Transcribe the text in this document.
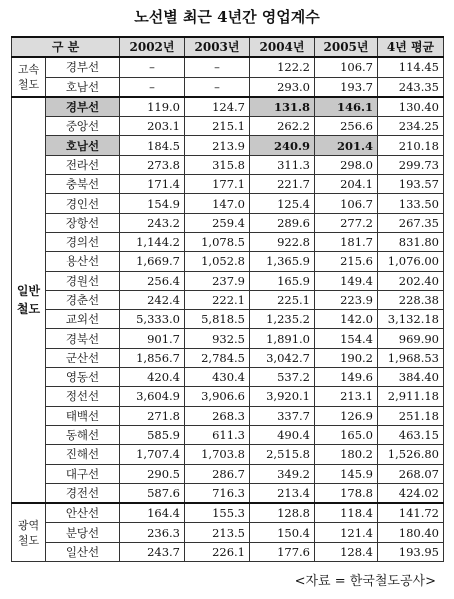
노선별 최근 4년간 영업계수
구 분		2002년	2003년	2004년	2005년	4년 평균
고속
철도	경부선	–	–	122.2	106.7	114.45
	호남선	–	–	293.0	193.7	243.35
일반
철도	경부선	119.0	124.7	131.8	146.1	130.40
	중앙선	203.1	215.1	262.2	256.6	234.25
	호남선	184.5	213.9	240.9	201.4	210.18
	전라선	273.8	315.8	311.3	298.0	299.73
	충북선	171.4	177.1	221.7	204.1	193.57
	경인선	154.9	147.0	125.4	106.7	133.50
	장항선	243.2	259.4	289.6	277.2	267.35
	경의선	1,144.2	1,078.5	922.8	181.7	831.80
	용산선	1,669.7	1,052.8	1,365.9	215.6	1,076.00
	경원선	256.4	237.9	165.9	149.4	202.40
	경춘선	242.4	222.1	225.1	223.9	228.38
	교외선	5,333.0	5,818.5	1,235.2	142.0	3,132.18
	경북선	901.7	932.5	1,891.0	154.4	969.90
	군산선	1,856.7	2,784.5	3,042.7	190.2	1,968.53
	영동선	420.4	430.4	537.2	149.6	384.40
	정선선	3,604.9	3,906.6	3,920.1	213.1	2,911.18
	태백선	271.8	268.3	337.7	126.9	251.18
	동해선	585.9	611.3	490.4	165.0	463.15
	진해선	1,707.4	1,703.8	2,515.8	180.2	1,526.80
	대구선	290.5	286.7	349.2	145.9	268.07
	경전선	587.6	716.3	213.4	178.8	424.02
광역
철도	안산선	164.4	155.3	128.8	118.4	141.72
	분당선	236.3	213.5	150.4	121.4	180.40
	일산선	243.7	226.1	177.6	128.4	193.95
<자료 = 한국철도공사>
